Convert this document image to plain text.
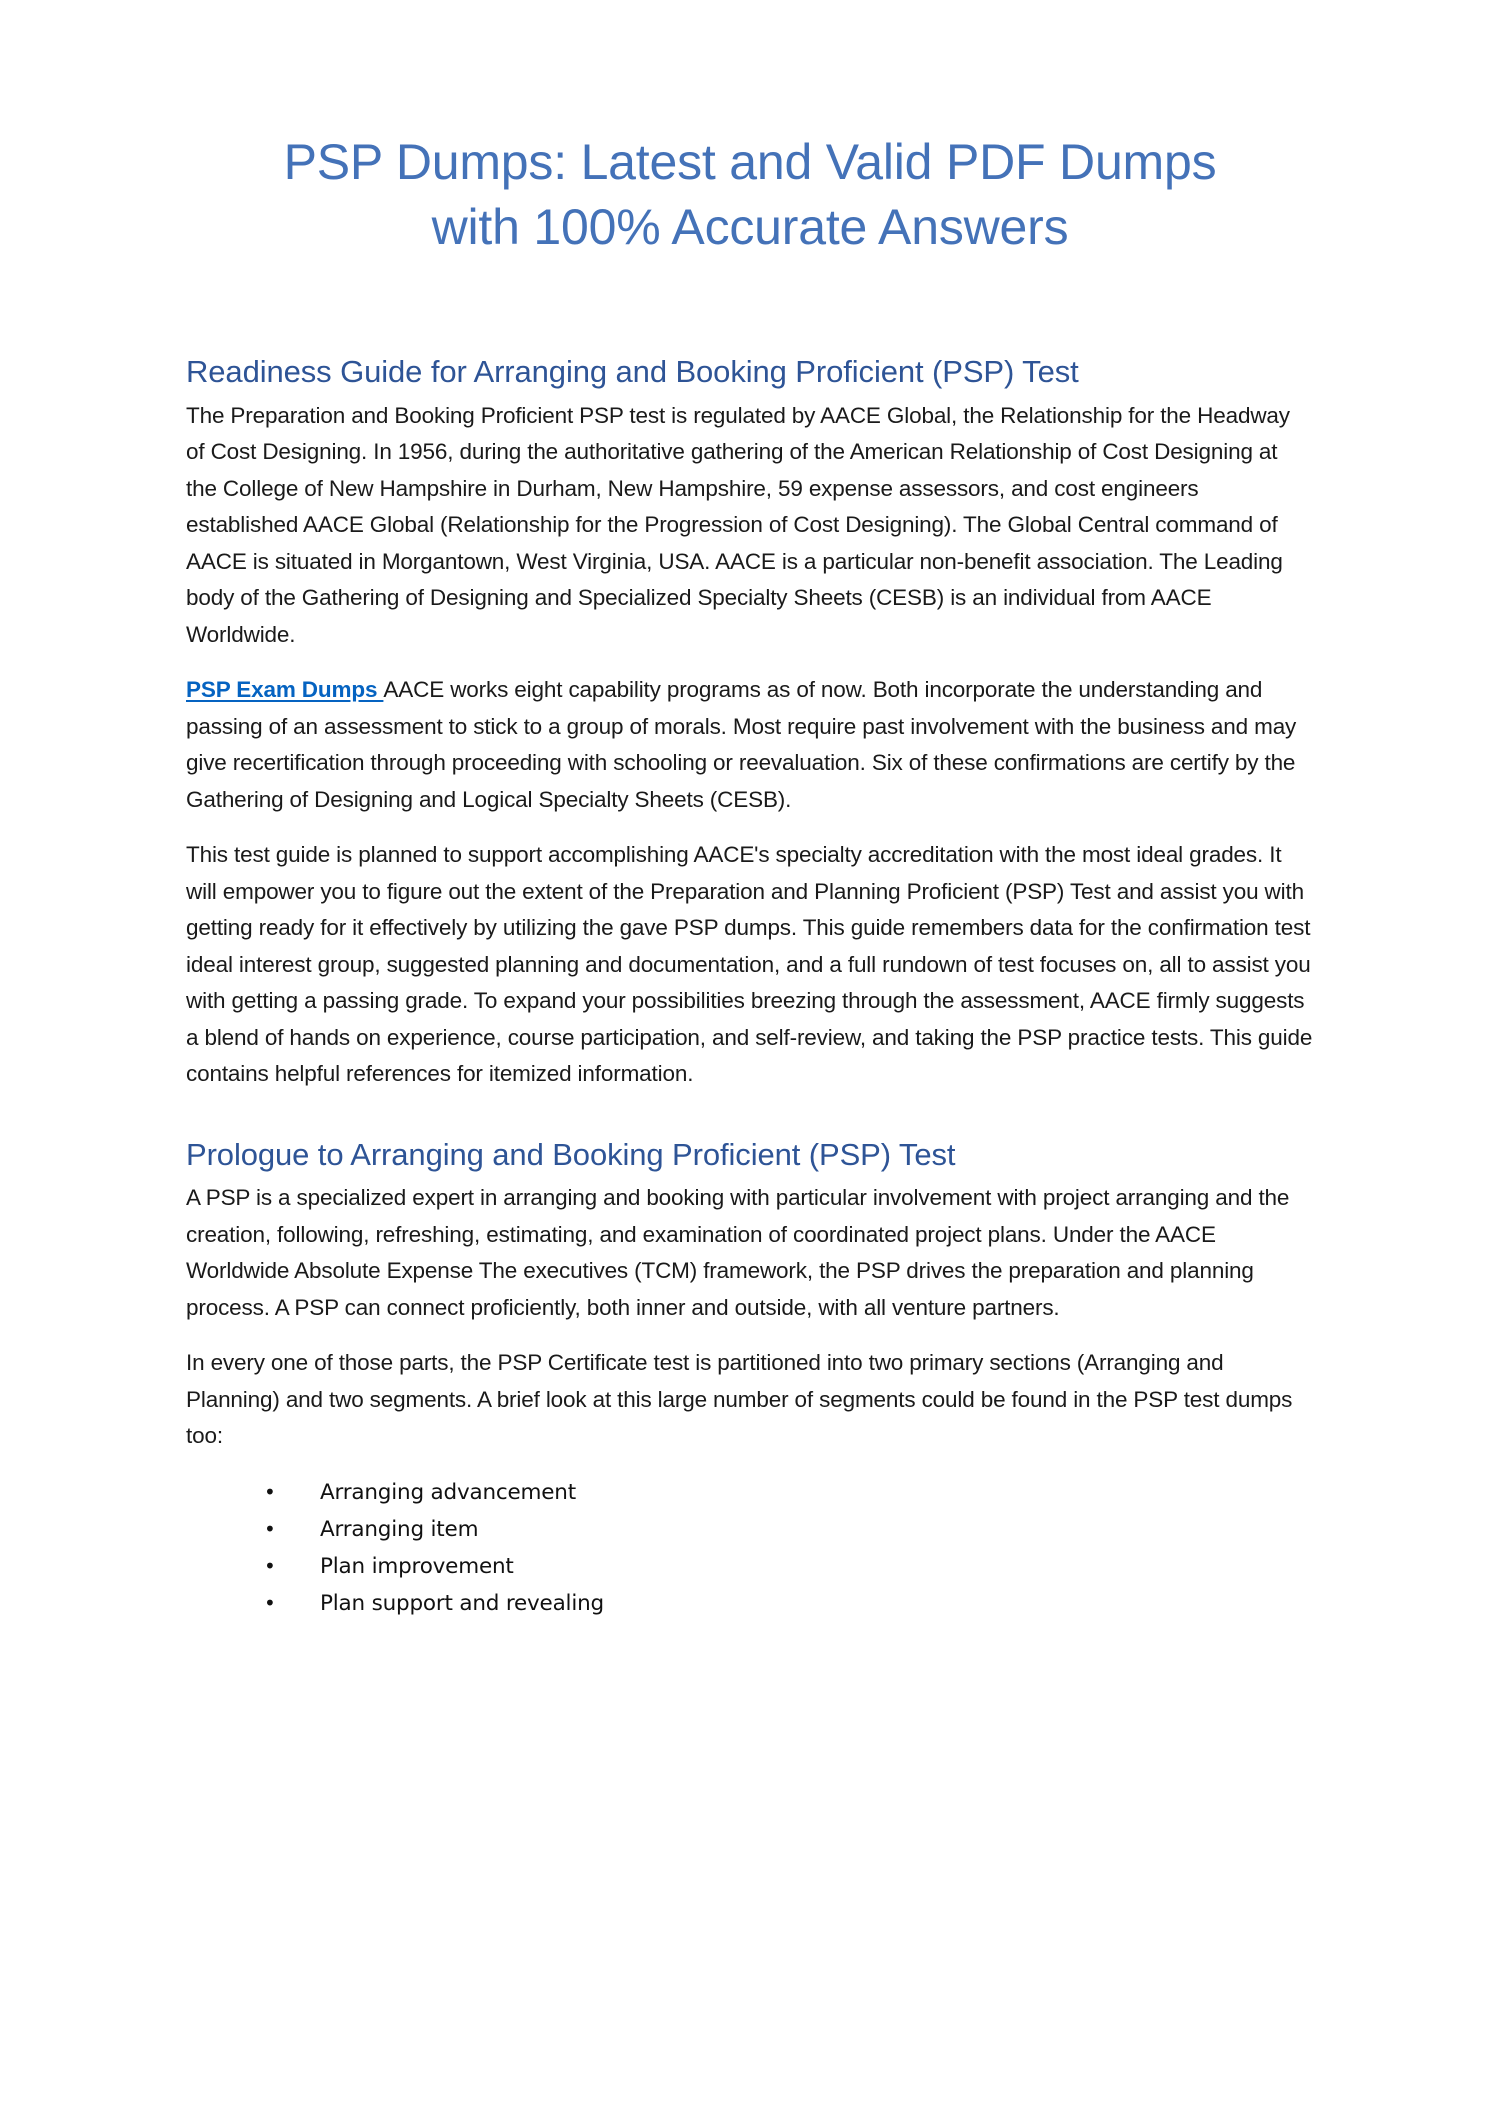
PSP Dumps: Latest and Valid PDF Dumps
with 100% Accurate Answers
Readiness Guide for Arranging and Booking Proficient (PSP) Test

The Preparation and Booking Proficient PSP test is regulated by AACE Global, the Relationship for the Headway of Cost Designing. In 1956, during the authoritative gathering of the American Relationship of Cost Designing at the College of New Hampshire in Durham, New Hampshire, 59 expense assessors, and cost engineers established AACE Global (Relationship for the Progression of Cost Designing). The Global Central command of AACE is situated in Morgantown, West Virginia, USA. AACE is a particular non-benefit association. The Leading body of the Gathering of Designing and Specialized Specialty Sheets (CESB) is an individual from AACE Worldwide.

PSP Exam Dumps AACE works eight capability programs as of now. Both incorporate the understanding and passing of an assessment to stick to a group of morals. Most require past involvement with the business and may give recertification through proceeding with schooling or reevaluation. Six of these confirmations are certify by the Gathering of Designing and Logical Specialty Sheets (CESB).

This test guide is planned to support accomplishing AACE's specialty accreditation with the most ideal grades. It will empower you to figure out the extent of the Preparation and Planning Proficient (PSP) Test and assist you with getting ready for it effectively by utilizing the gave PSP dumps. This guide remembers data for the confirmation test ideal interest group, suggested planning and documentation, and a full rundown of test focuses on, all to assist you with getting a passing grade. To expand your possibilities breezing through the assessment, AACE firmly suggests a blend of hands on experience, course participation, and self-review, and taking the PSP practice tests. This guide contains helpful references for itemized information.

Prologue to Arranging and Booking Proficient (PSP) Test

A PSP is a specialized expert in arranging and booking with particular involvement with project arranging and the creation, following, refreshing, estimating, and examination of coordinated project plans. Under the AACE Worldwide Absolute Expense The executives (TCM) framework, the PSP drives the preparation and planning process. A PSP can connect proficiently, both inner and outside, with all venture partners.

In every one of those parts, the PSP Certificate test is partitioned into two primary sections (Arranging and Planning) and two segments. A brief look at this large number of segments could be found in the PSP test dumps too:

• Arranging advancement
• Arranging item
• Plan improvement
• Plan support and revealing
